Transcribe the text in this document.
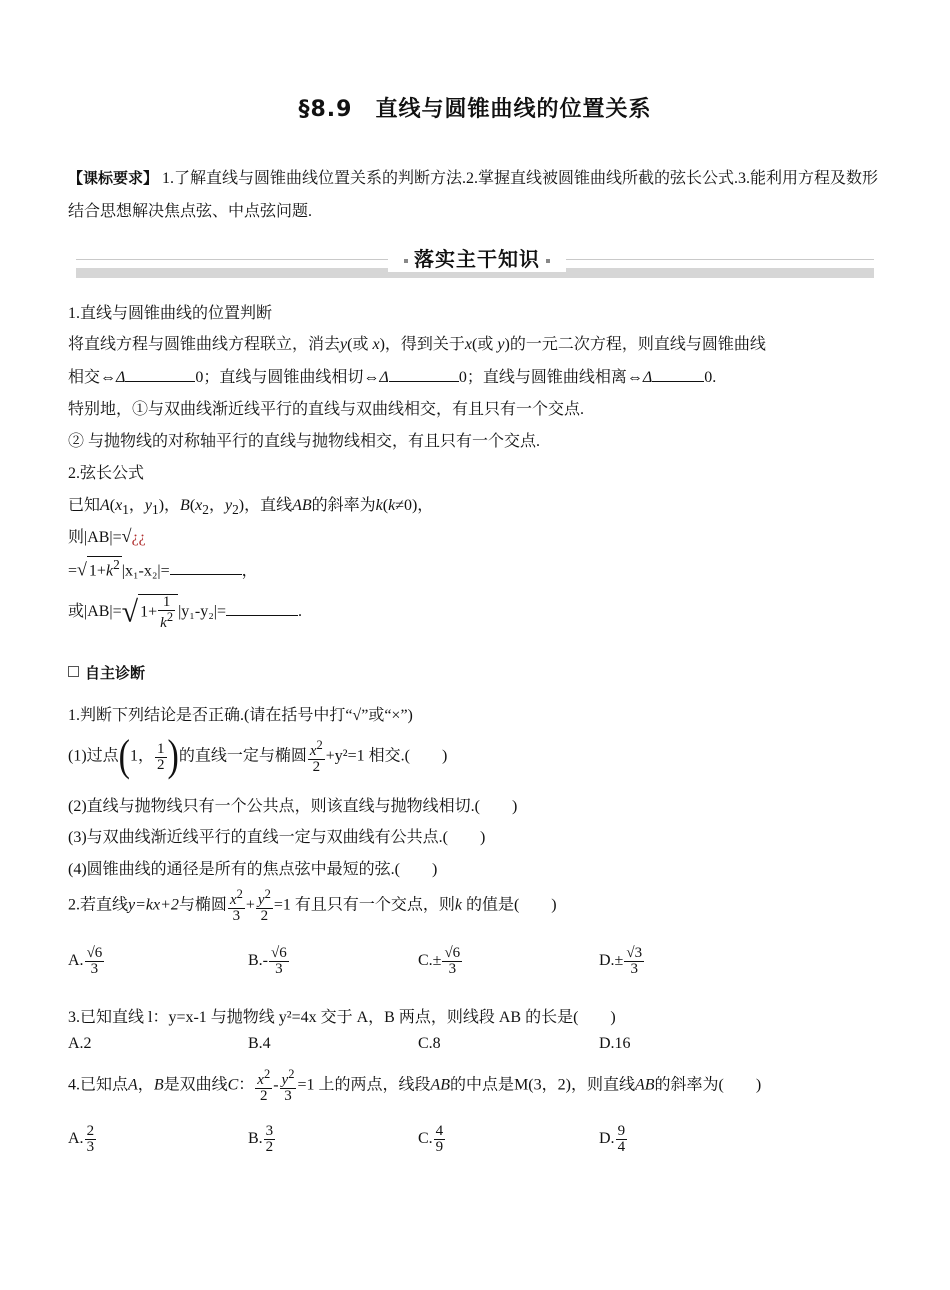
§8.9　直线与圆锥曲线的位置关系
【课标要求】 1.了解直线与圆锥曲线位置关系的判断方法.2.掌握直线被圆锥曲线所截的弦长公式.3.能利用方程及数形结合思想解决焦点弦、中点弦问题.
落实主干知识
1.直线与圆锥曲线的位置判断
将直线方程与圆锥曲线方程联立，消去y(或 x)，得到关于x(或 y)的一元二次方程，则直线与圆锥曲线
相交⇔Δ	0；直线与圆锥曲线相切⇔Δ	0；直线与圆锥曲线相离⇔Δ	0.
特别地，①与双曲线渐近线平行的直线与双曲线相交，有且只有一个交点.
② 与抛物线的对称轴平行的直线与抛物线相交，有且只有一个交点.
2.弦长公式
已知$A(x_1$，$y_1$)，$B(x_2$，$y_2$)，直线AB的斜率为k(k≠0)，
则|AB|=√¿¿
=√ $1+k^2$ |x₁-x₂|=	，
或|AB|=√ $1+ \frac{1}{k^2} |y_1-y_2|=$	.
自主诊断
1.判断下列结论是否正确.(请在括号中打“√”或“×”)
(1)过点(1， $\frac{1}{2}$ )的直线一定与椭圆 $\frac{x^2}{2} +y^2=1$ 相交.(　　)
(2)直线与抛物线只有一个公共点，则该直线与抛物线相切.(　　)
(3)与双曲线渐近线平行的直线一定与双曲线有公共点.(　　)
(4)圆锥曲线的通径是所有的焦点弦中最短的弦.(　　)
2.若直线y=kx+2与椭圆 $\frac{x^2}{3} + \frac{y^2}{2} =1$ 有且只有一个交点，则k 的值是(　　)
A. $\frac{√6}{3}$	$B.- \frac{√6}{3}$	$C.\pm \frac{√6}{3}$	$D.\pm \frac{√3}{3}$
3.已知直线 l：y=x-1 与抛物线 y²=4x 交于 A，B 两点，则线段 AB 的长是(　　)
A.2	B.4	C.8	D.16
4.已知点A，B是双曲线C： $\frac{x^2}{2} - \frac{y^2}{3} =1$ 上的两点，线段AB的中点是M(3，2)，则直线AB的斜率为(　　)
A. $\frac{2}{3}$	B. $\frac{3}{2}$	C. $\frac{4}{9}$	D. $\frac{9}{4}$
